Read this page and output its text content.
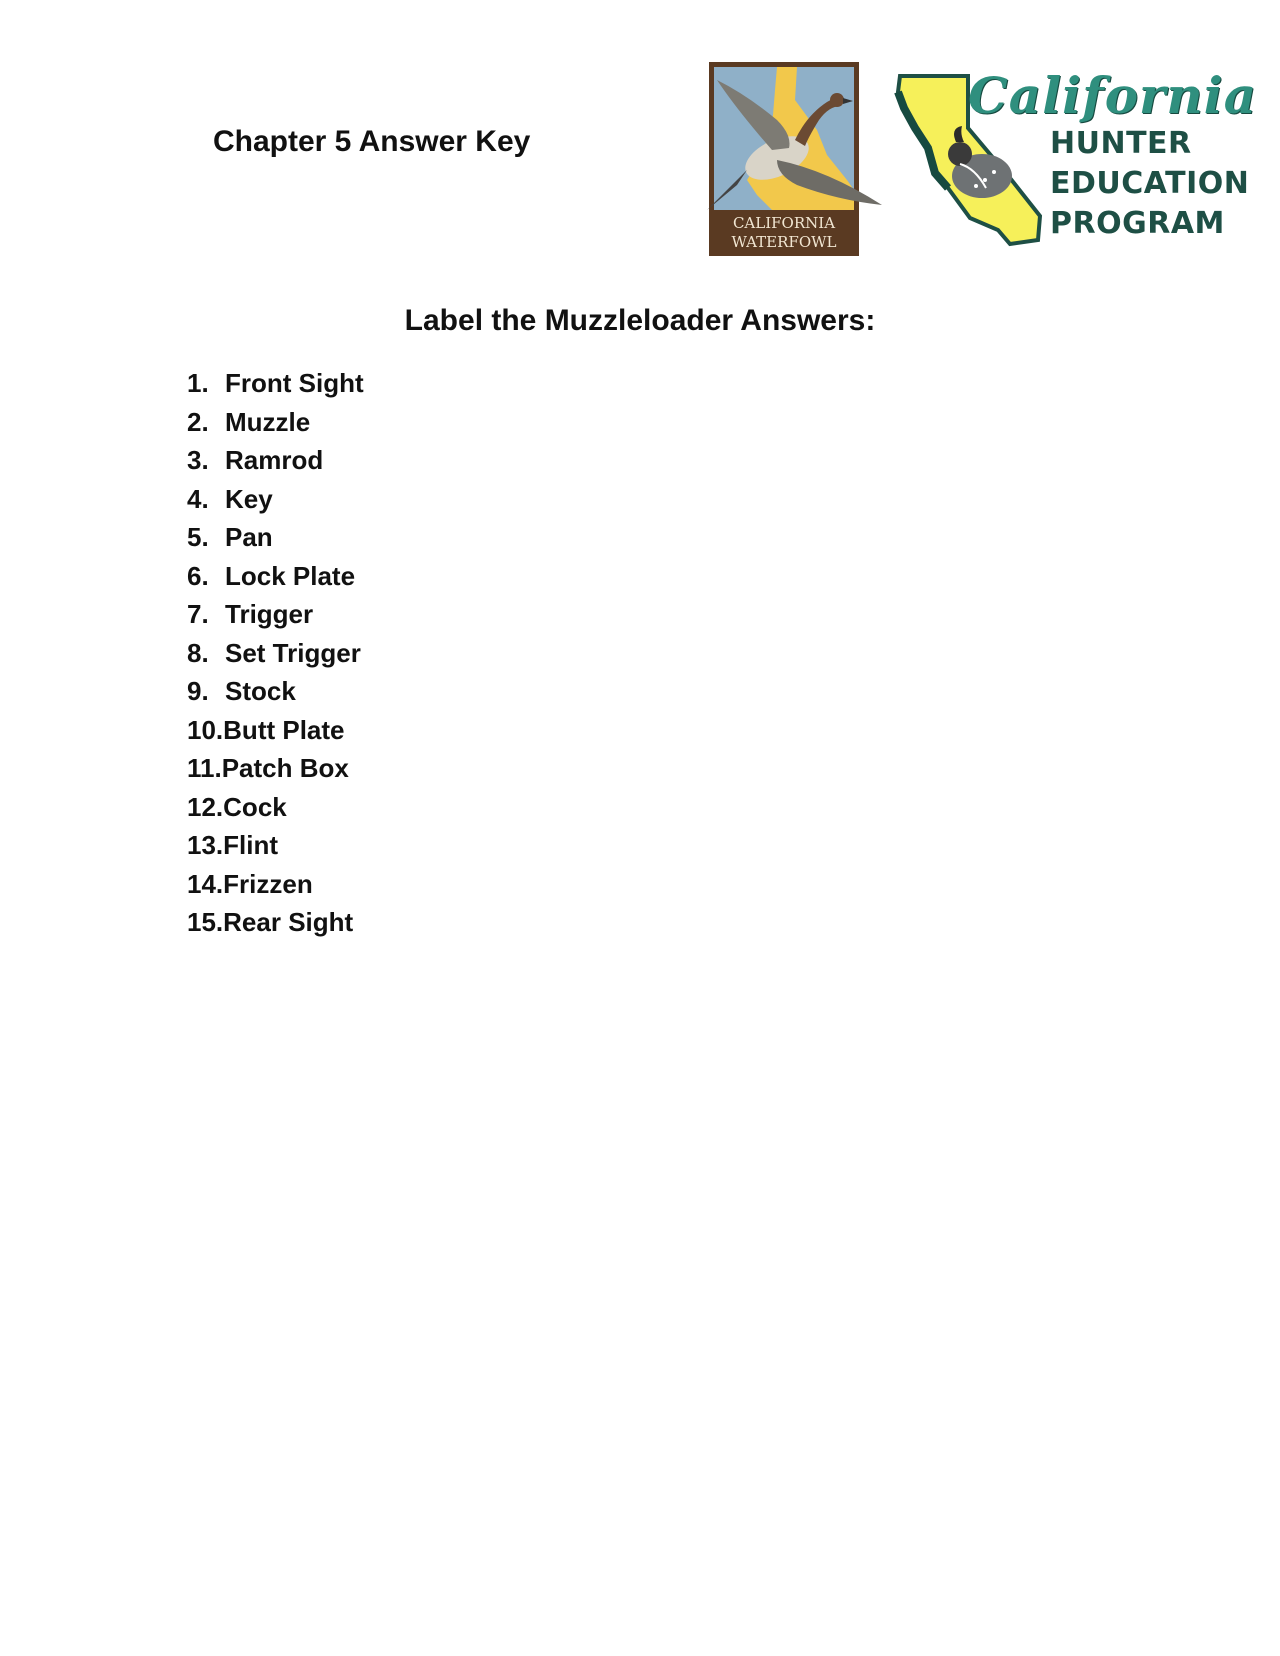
Chapter 5 Answer Key
CALIFORNIA
WATERFOWL
California
HUNTER
EDUCATION
PROGRAM
Label the Muzzleloader Answers:
1. Front Sight
2. Muzzle
3. Ramrod
4. Key
5. Pan
6. Lock Plate
7. Trigger
8. Set Trigger
9. Stock
10. Butt Plate
11. Patch Box
12. Cock
13. Flint
14. Frizzen
15. Rear Sight
